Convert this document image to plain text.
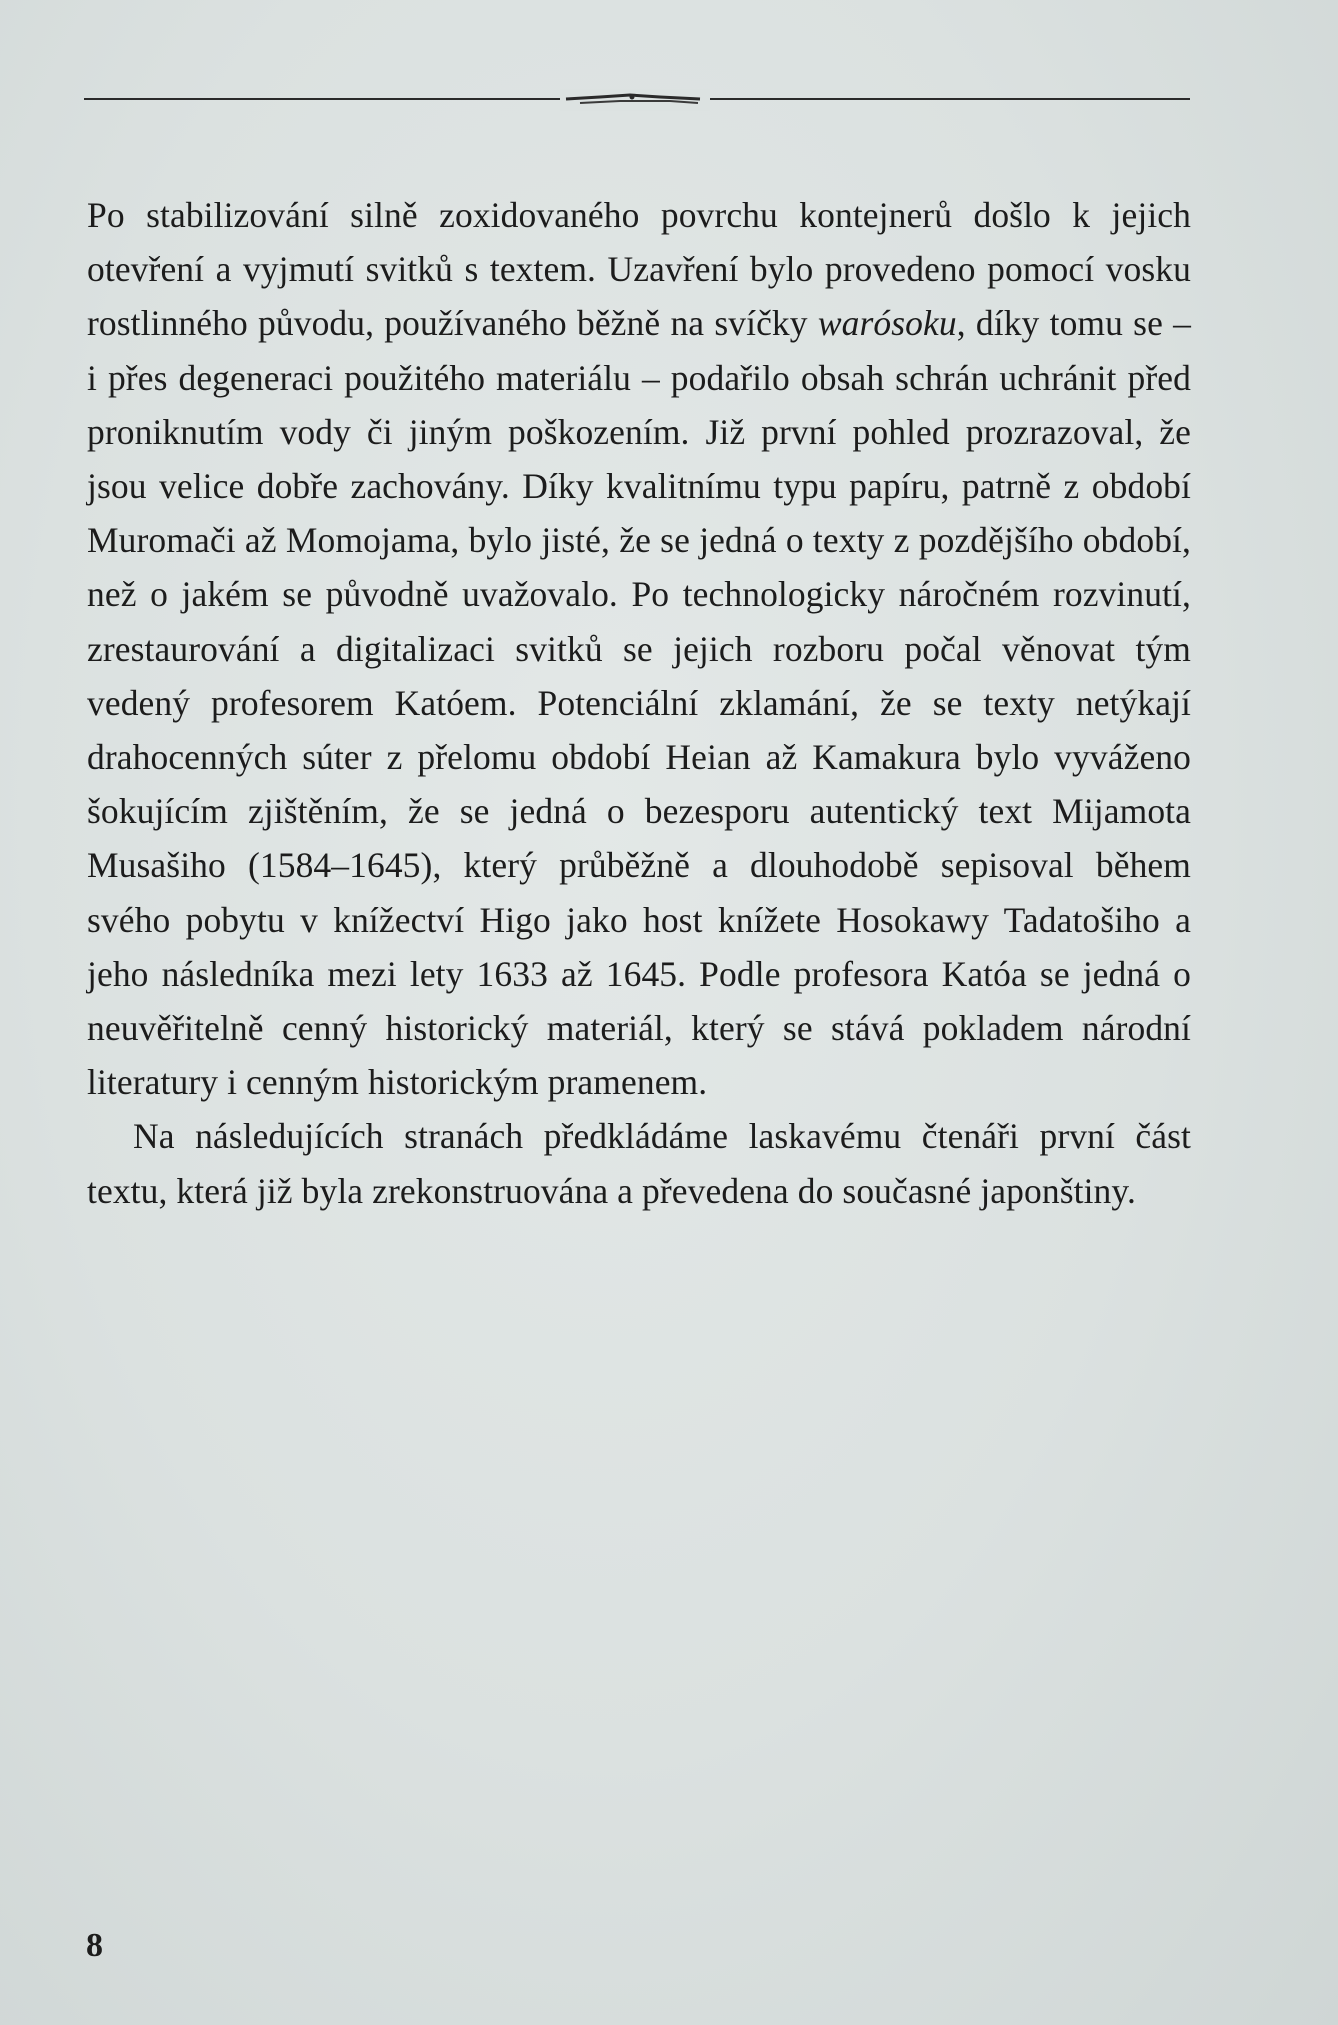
Po stabilizování silně zoxidovaného povrchu kontejnerů došlo k jejich otevření a vyjmutí svitků s textem. Uzavření bylo provedeno pomocí vosku rostlinného původu, používaného běžně na svíčky warósoku, díky tomu se – i přes degeneraci použitého materiálu – podařilo obsah schrán uchránit před proniknutím vody či jiným poškozením. Již první pohled prozrazoval, že jsou velice dobře zachovány. Díky kvalitnímu typu papíru, patrně z období Muromači až Momojama, bylo jisté, že se jedná o texty z pozdějšího období, než o jakém se původně uvažovalo. Po technologicky náročném rozvinutí, zrestaurování a digitalizaci svitků se jejich rozboru počal věnovat tým vedený profesorem Katóem. Potenciální zklamání, že se texty netýkají drahocenných súter z přelomu období Heian až Kamakura bylo vyváženo šokujícím zjištěním, že se jedná o bezesporu autentický text Mijamota Musašiho (1584–1645), který průběžně a dlouhodobě sepisoval během svého pobytu v knížectví Higo jako host knížete Hosokawy Tadatošiho a jeho následníka mezi lety 1633 až 1645. Podle profesora Katóa se jedná o neuvěřitelně cenný historický materiál, který se stává pokladem národní literatury i cenným historickým pramenem.

Na následujících stranách předkládáme laskavému čtenáři první část textu, která již byla zrekonstruována a převedena do současné japonštiny.

8
